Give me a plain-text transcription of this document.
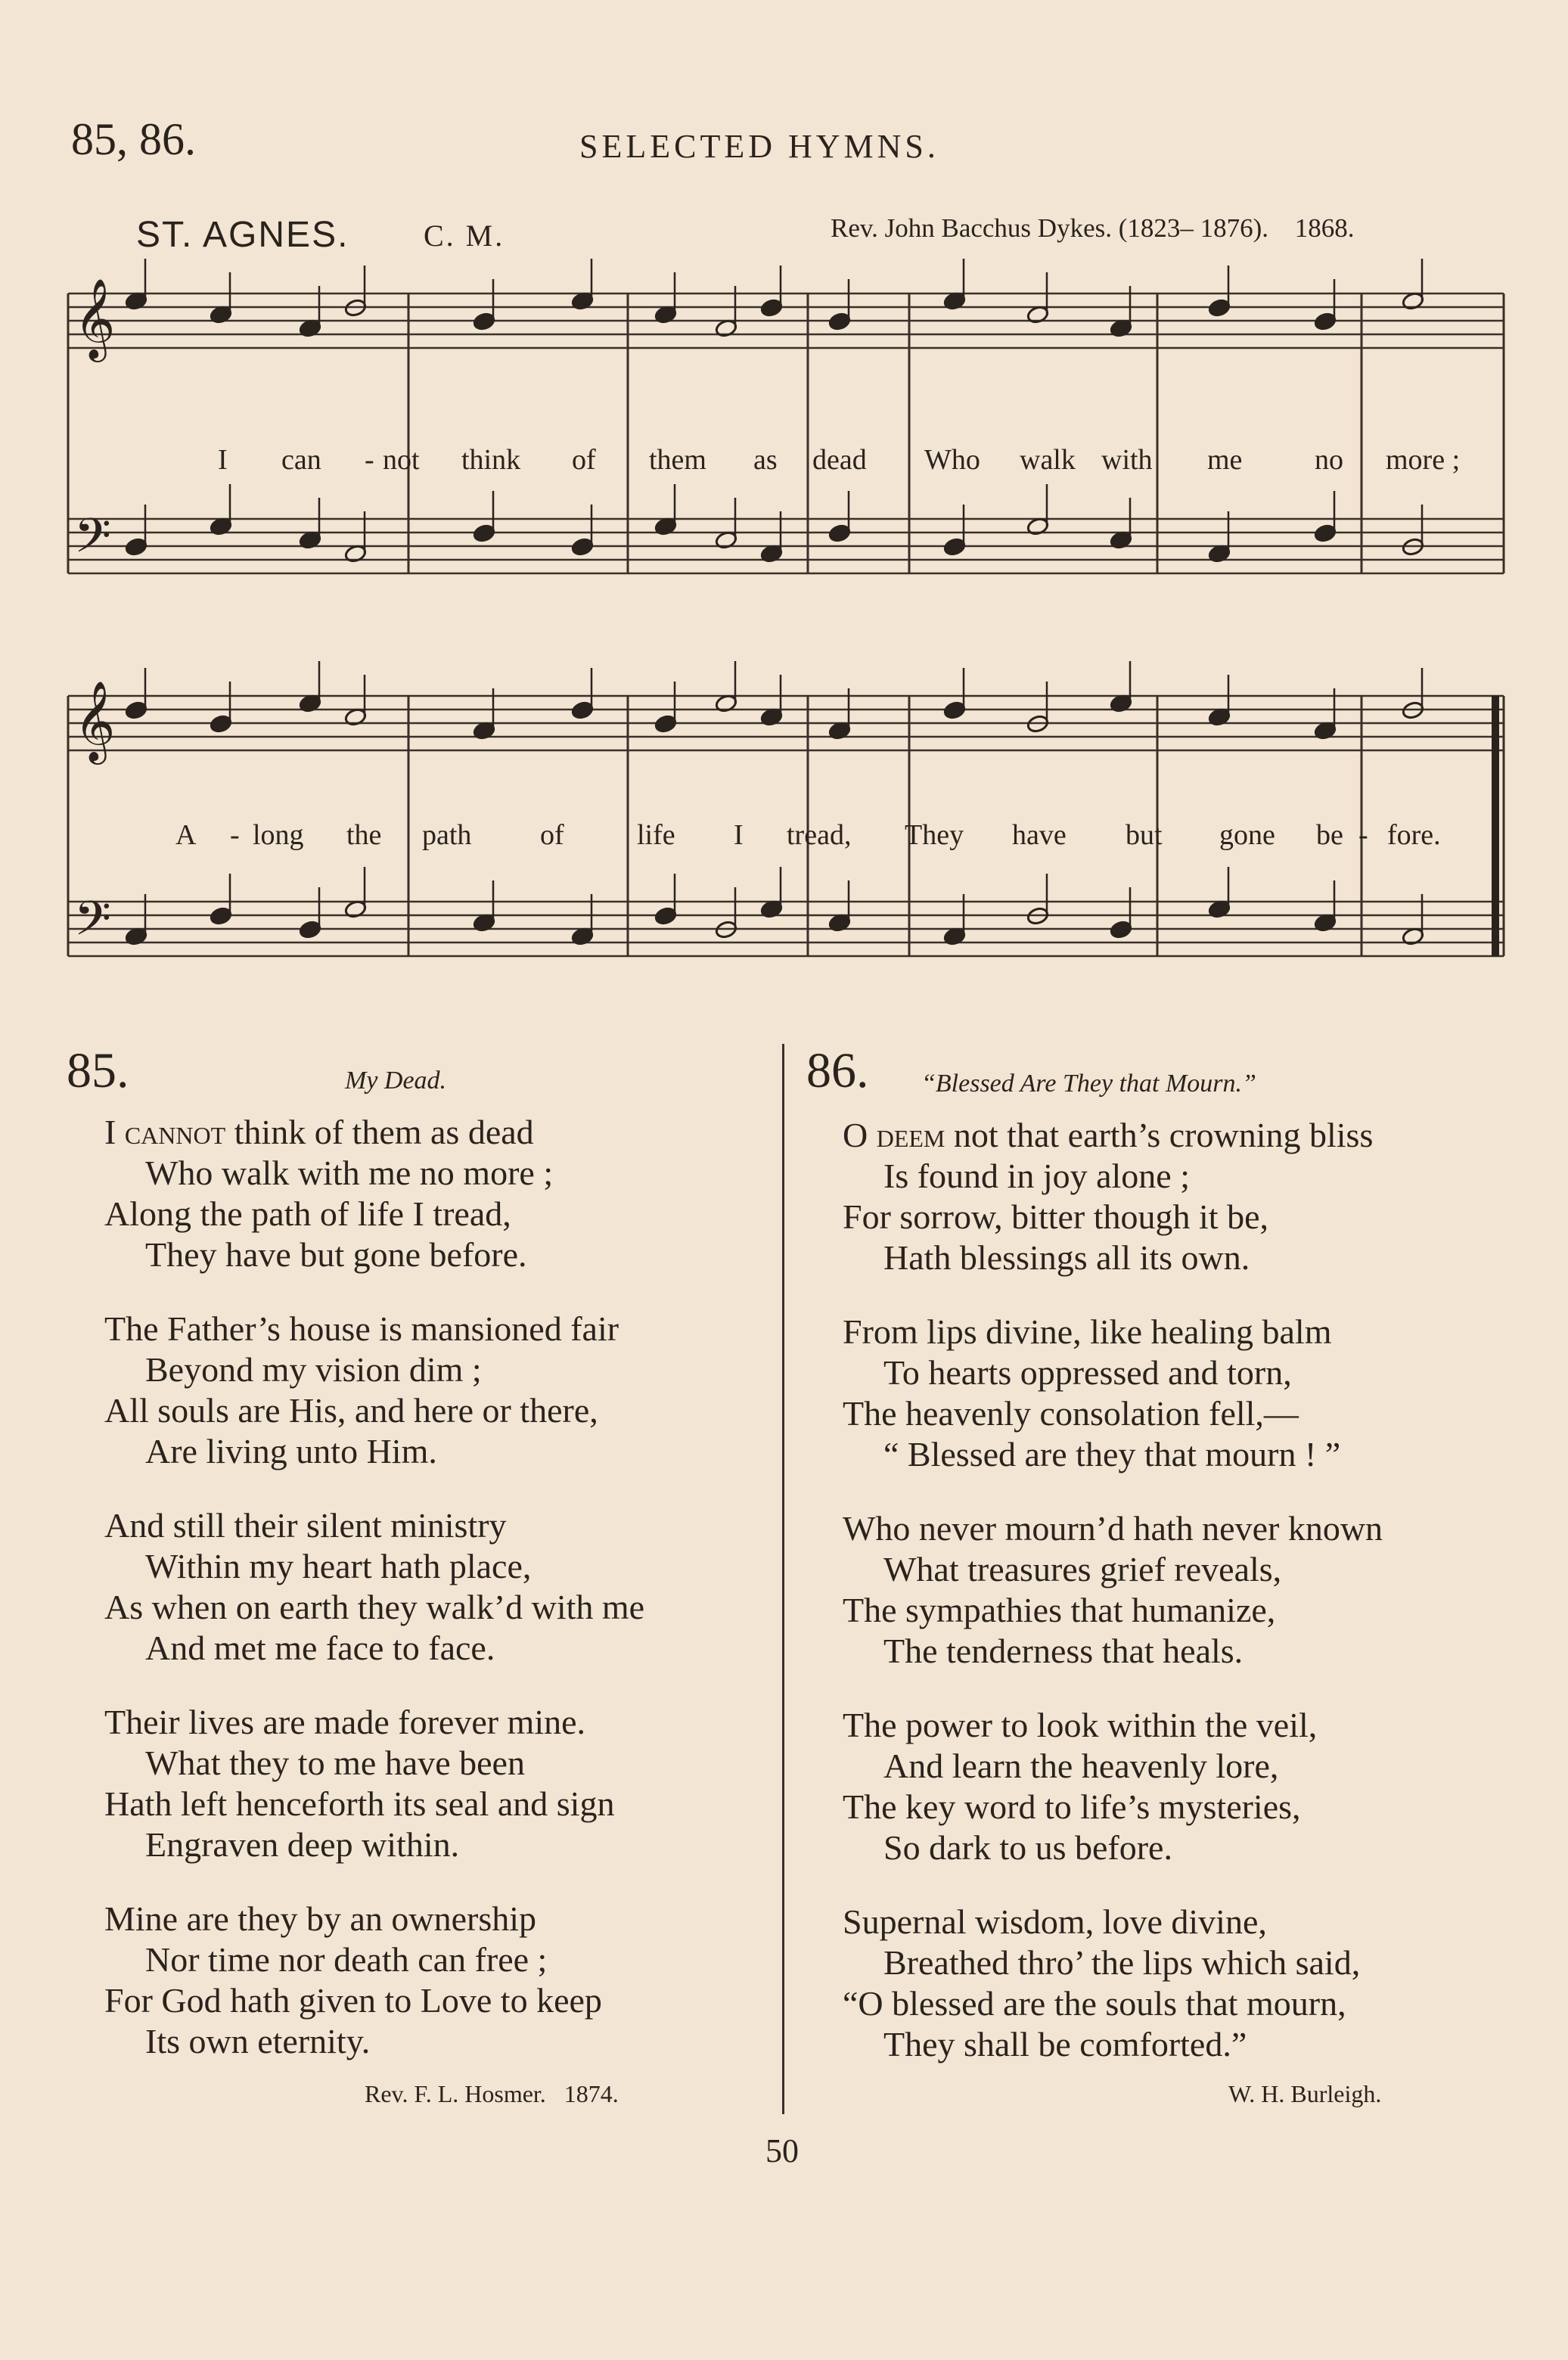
85, 86.	SELECTED HYMNS.
ST. AGNES. C. M.	Rev. John Bacchus Dykes. (1823– 1876). 1868.
𝄞
𝄢
𝄞
𝄢
I can - not think of them as dead Who walk with me	no more ;
A - long the path of	life I tread, They have but gone be - fore.
85.	My Dead.
I cannot think of them as dead
Who walk with me no more ;
Along the path of life I tread,
They have but gone before.
The Father’s house is mansioned fair
Beyond my vision dim ;
All souls are His, and here or there,
Are living unto Him.
And still their silent ministry
Within my heart hath place,
As when on earth they walk’d with me
And met me face to face.
Their lives are made forever mine.
What they to me have been
Hath left henceforth its seal and sign
Engraven deep within.
Mine are they by an ownership
Nor time nor death can free ;
For God hath given to Love to keep
Its own eternity.
Rev. F. L. Hosmer. 1874.
86. “Blessed Are They that Mourn.”
O deem not that earth’s crowning bliss
Is found in joy alone ;
For sorrow, bitter though it be,
Hath blessings all its own.
From lips divine, like healing balm
To hearts oppressed and torn,
The heavenly consolation fell,—
“ Blessed are they that mourn ! ”
Who never mourn’d hath never known
What treasures grief reveals,
The sympathies that humanize,
The tenderness that heals.
The power to look within the veil,
And learn the heavenly lore,
The key word to life’s mysteries,
So dark to us before.
Supernal wisdom, love divine,
Breathed thro’ the lips which said,
“O blessed are the souls that mourn,
They shall be comforted.”
W. H. Burleigh.
50
